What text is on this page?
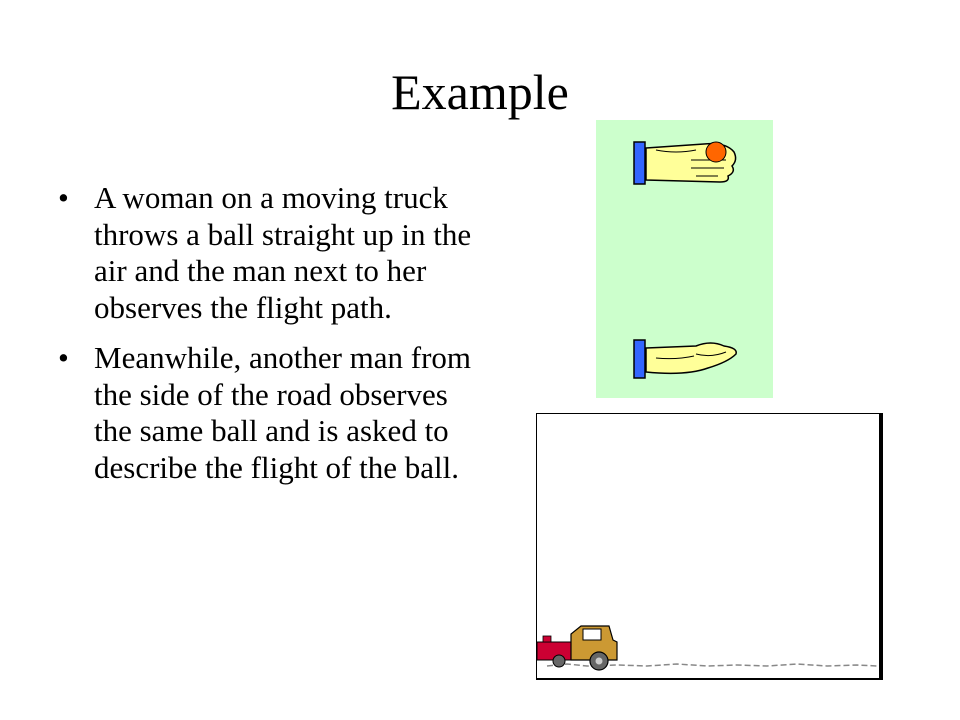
Example
• A woman on a moving truck throws a ball straight up in the air and the man next to her observes the flight path.
• Meanwhile, another man from the side of the road observes the same ball and is asked to describe the flight of the ball.
